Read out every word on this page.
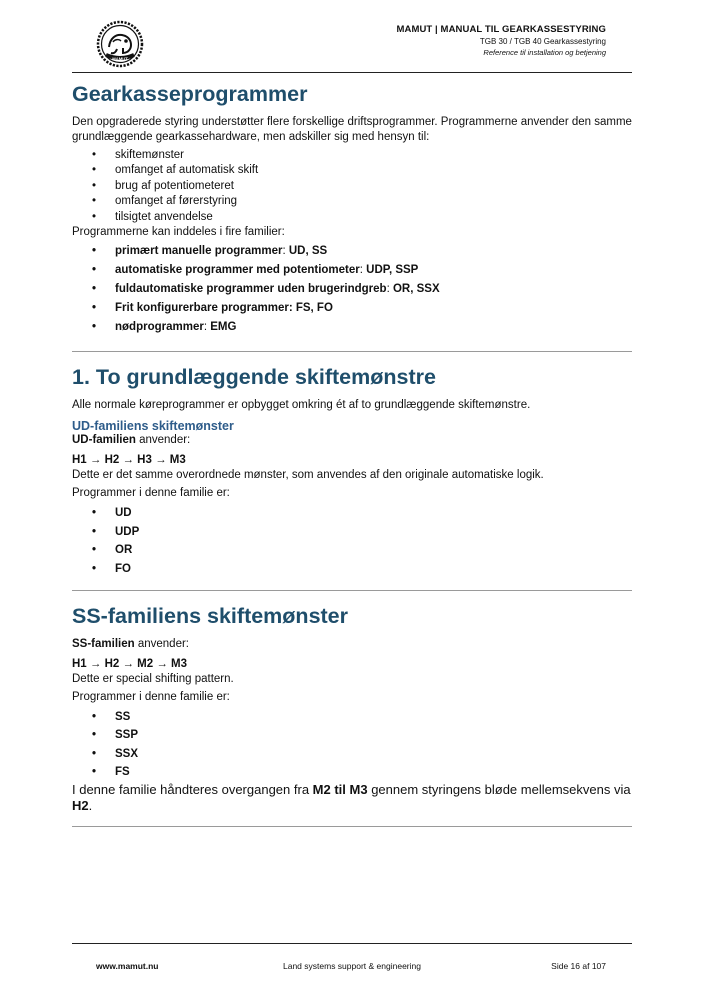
MAMUT
MAMUT | MANUAL TIL GEARKASSESTYRING
TGB 30 / TGB 40 Gearkassestyring
Reference til installation og betjening
Gearkasseprogrammer

Den opgraderede styring understøtter flere forskellige driftsprogrammer. Programmerne anvender den samme grundlæggende gearkassehardware, men adskiller sig med hensyn til:

• skiftemønster
• omfanget af automatisk skift
• brug af potentiometeret
• omfanget af førerstyring
• tilsigtet anvendelse

Programmerne kan inddeles i fire familier:

• primært manuelle programmer: UD, SS
• automatiske programmer med potentiometer: UDP, SSP
• fuldautomatiske programmer uden brugerindgreb: OR, SSX
• Frit konfigurerbare programmer: FS, FO
• nødprogrammer: EMG
1. To grundlæggende skiftemønstre

Alle normale køreprogrammer er opbygget omkring ét af to grundlæggende skiftemønstre.

UD-familiens skiftemønster

UD-familien anvender:

H1 → H2 → H3 → M3

Dette er det samme overordnede mønster, som anvendes af den originale automatiske logik.

Programmer i denne familie er:

• UD
• UDP
• OR
• FO
SS-familiens skiftemønster

SS-familien anvender:

H1 → H2 → M2 → M3

Dette er special shifting pattern.

Programmer i denne familie er:

• SS
• SSP
• SSX
• FS

I denne familie håndteres overgangen fra M2 til M3 gennem styringens bløde mellemsekvens via H2.

www.mamut.nu	Land systems support & engineering	Side 16 af 107
